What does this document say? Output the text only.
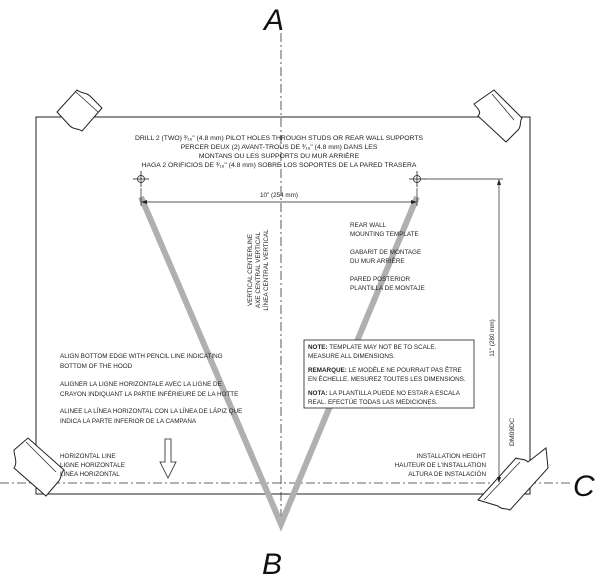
A
B
C
DRILL 2 (TWO) ³⁄₁₆" (4.8 mm) PILOT HOLES THROUGH STUDS OR REAR WALL SUPPORTS
PERCER DEUX (2) AVANT-TROUS DE ³⁄₁₆" (4.8 mm) DANS LES
MONTANS OU LES SUPPORTS DU MUR ARRIÈRE
HAGA 2 ORIFICIOS DE ³⁄₁₆" (4.8 mm) SOBRE LOS SOPORTES DE LA PARED TRASERA
10" (254 mm)
11" (280 mm)
VERTICAL CENTERLINE AXE CENTRAL VERTICAL LÍNEA CENTRAL VERTICAL
REAR WALL
MOUNTING TEMPLATE
GABARIT DE MONTAGE
DU MUR ARRIÈRE
PARED POSTERIOR
PLANTILLA DE MONTAJE
NOTE: TEMPLATE MAY NOT BE TO SCALE.
MEASURE ALL DIMENSIONS.
REMARQUE: LE MODÈLE NE POURRAIT PAS ÊTRE
EN ÉCHELLE. MESUREZ TOUTES LES DIMENSIONS.
NOTA: LA PLANTILLA PUEDE NO ESTAR A ESCALA
REAL. EFECTÚE TODAS LAS MEDICIONES.
ALIGN BOTTOM EDGE WITH PENCIL LINE INDICATING
BOTTOM OF THE HOOD
ALIGNER LA LIGNE HORIZONTALE AVEC LA LIGNE DE
CRAYON INDIQUANT LA PARTIE INFÉRIEURE DE LA HOTTE
ALINEE LA LÍNEA HORIZONTAL CON LA LÍNEA DE LÁPIZ QUE
INDICA LA PARTE INFERIOR DE LA CAMPANA
HORIZONTAL LINE
LIGNE HORIZONTALE
LÍNEA HORIZONTAL
INSTALLATION HEIGHT
HAUTEUR DE L'INSTALLATION
ALTURA DE INSTALACIÓN
DM09DC
